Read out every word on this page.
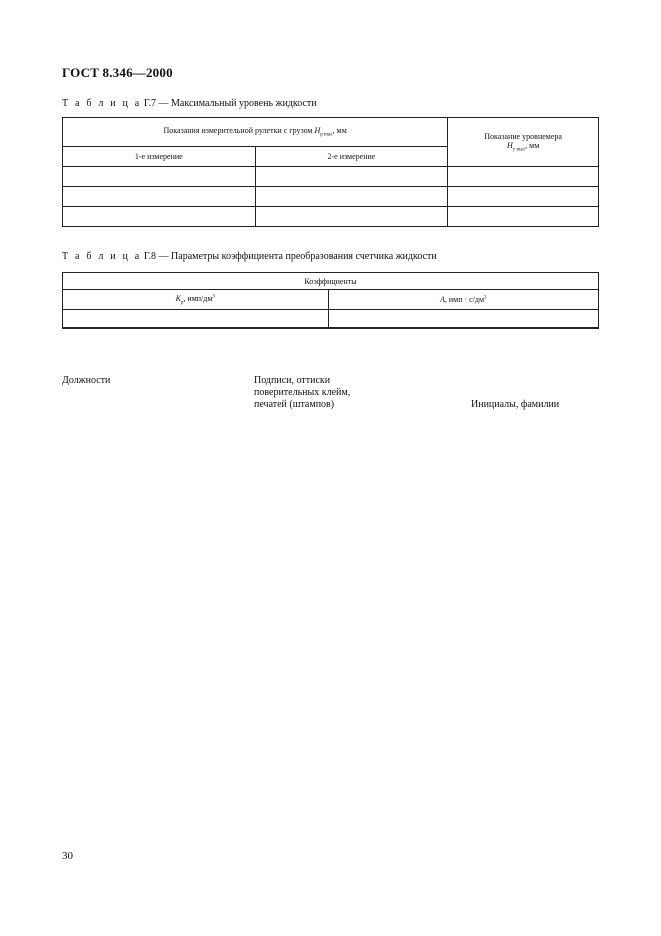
ГОСТ 8.346—2000
Т а б л и ц а Г.7 — Максимальный уровень жидкости
Показания измерительной рулетки с грузом $H_{р max}$, мм		Показание уровнемера
$H_{у max}$, мм

1-е измерение	2-е измерение	

Т а б л и ц а Г.8 — Параметры коэффициента преобразования счетчика жидкости
Коэффициенты	
$K_р$, имп/$дм^3$	A, имп · $с/дм^3$

Должности	Подписи, оттиски
поверительных клейм,
печатей (штампов)	Инициалы, фамилии
30
